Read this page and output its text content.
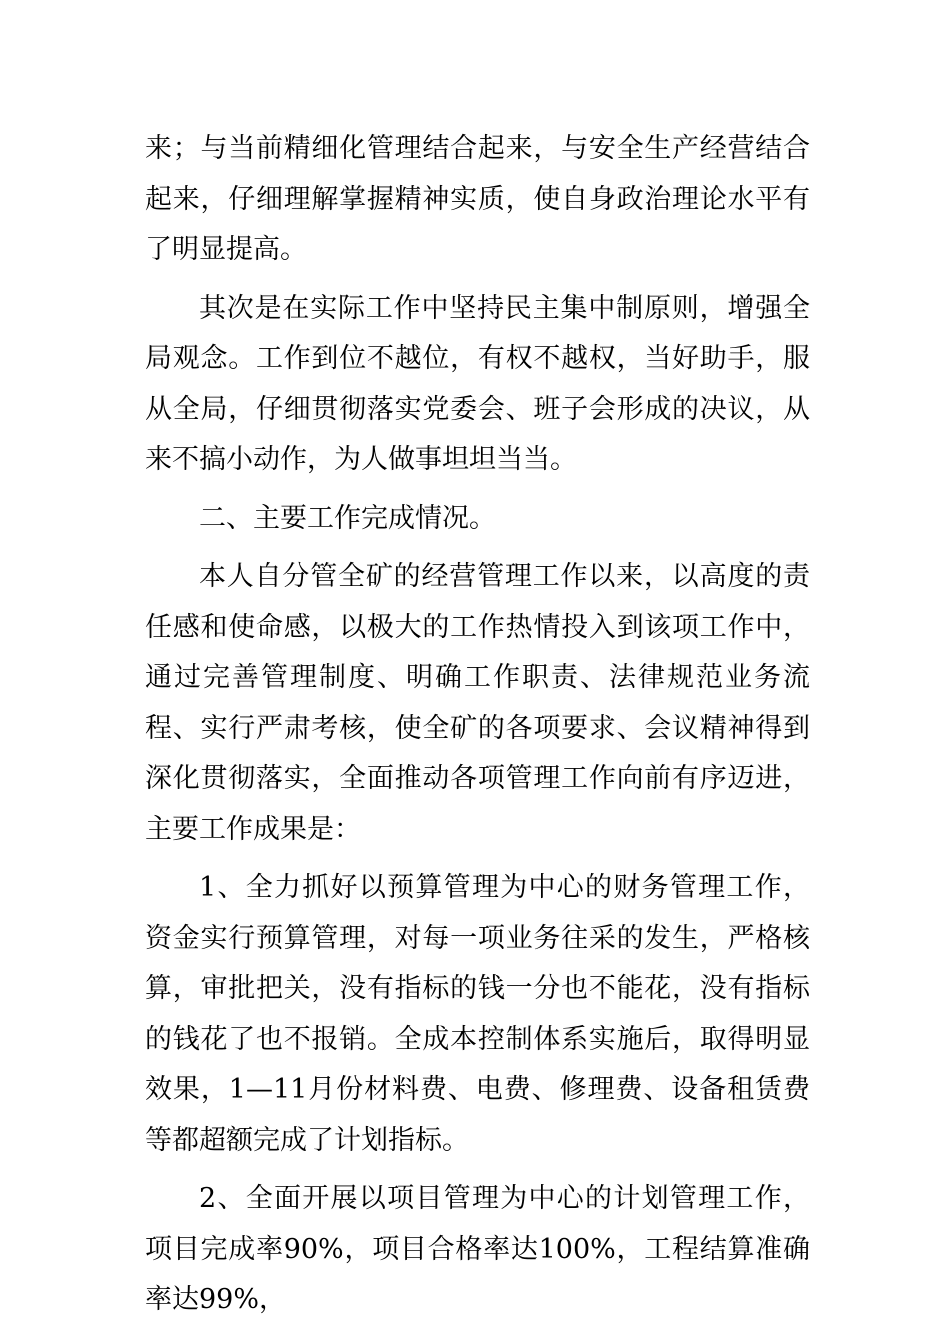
来；与当前精细化管理结合起来，与安全生产经营结合起来，仔细理解掌握精神实质，使自身政治理论水平有了明显提高。

其次是在实际工作中坚持民主集中制原则，增强全局观念。工作到位不越位，有权不越权，当好助手，服从全局，仔细贯彻落实党委会、班子会形成的决议，从来不搞小动作，为人做事坦坦当当。

二、主要工作完成情况。

本人自分管全矿的经营管理工作以来，以高度的责任感和使命感，以极大的工作热情投入到该项工作中，通过完善管理制度、明确工作职责、法律规范业务流程、实行严肃考核，使全矿的各项要求、会议精神得到深化贯彻落实，全面推动各项管理工作向前有序迈进，主要工作成果是：

1、全力抓好以预算管理为中心的财务管理工作，资金实行预算管理，对每一项业务往采的发生，严格核算，审批把关，没有指标的钱一分也不能花，没有指标的钱花了也不报销。全成本控制体系实施后，取得明显效果，1—11月份材料费、电费、修理费、设备租赁费等都超额完成了计划指标。

2、全面开展以项目管理为中心的计划管理工作，项目完成率90%，项目合格率达100%，工程结算准确率达99%，
